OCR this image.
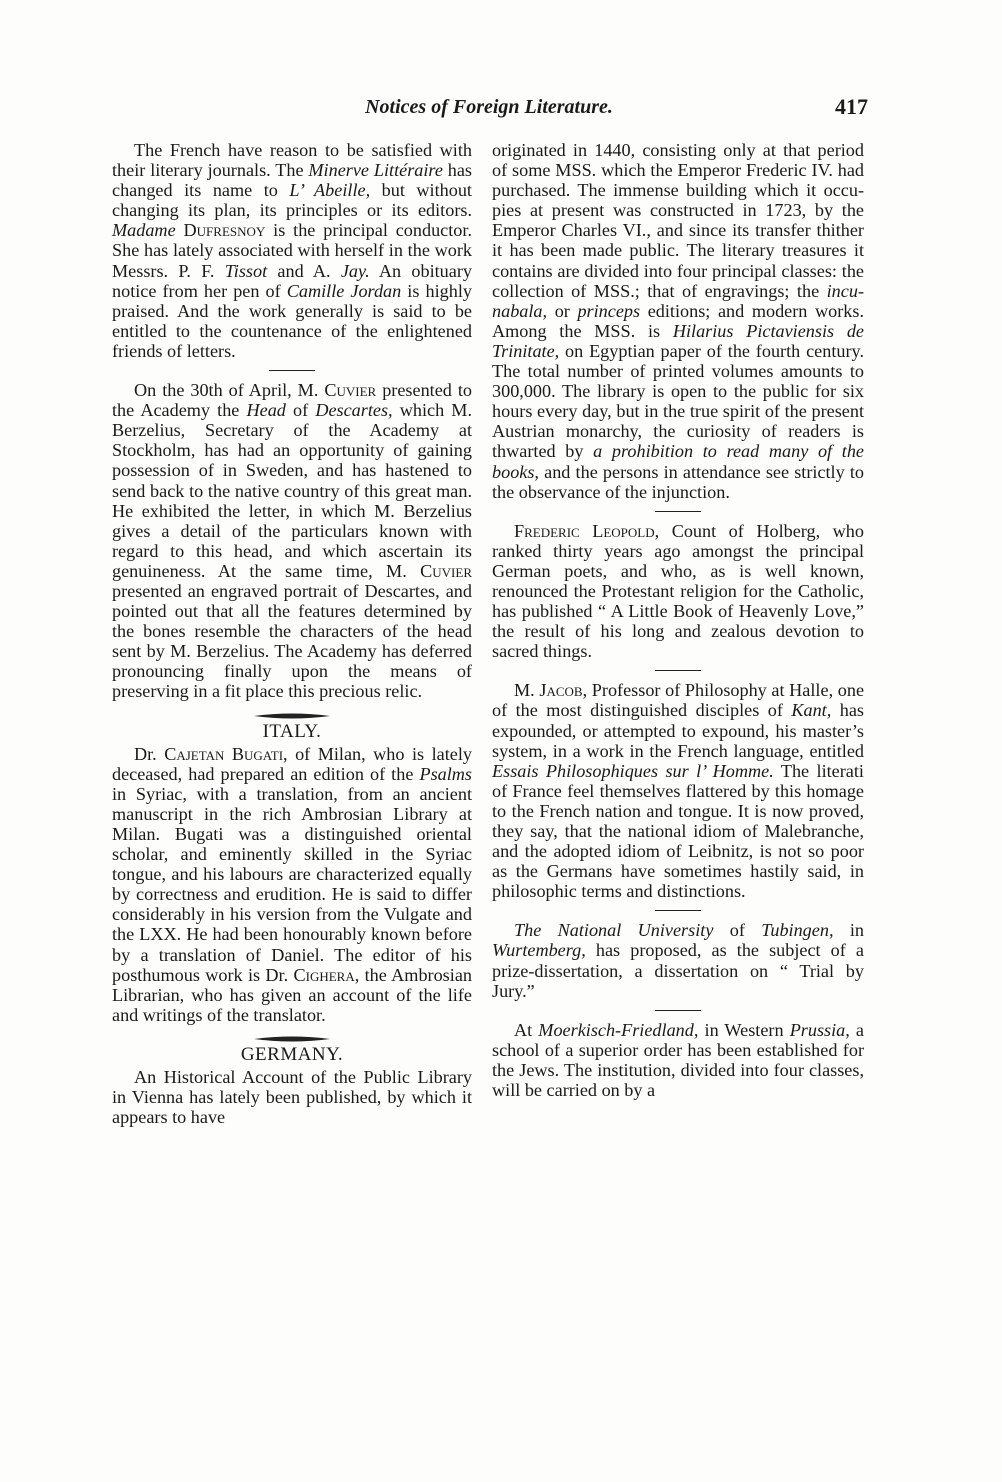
Notices of Foreign Literature.	417

The French have reason to be satisfied with their literary journals. The Minerve Littéraire has changed its name to L’ Abeille, but without changing its plan, its principles or its editors. Madame Dufresnoy is the principal conductor. She has lately associated with herself in the work Messrs. P. F. Tissot and A. Jay. An obituary notice from her pen of Camille Jordan is highly praised. And the work generally is said to be entitled to the countenance of the enlightened friends of letters.

On the 30th of April, M. Cuvier presented to the Academy the Head of Descartes, which M. Berzelius, Secretary of the Academy at Stockholm, has had an opportunity of gaining possession of in Sweden, and has hastened to send back to the native country of this great man. He exhibited the letter, in which M. Berzelius gives a detail of the particulars known with regard to this head, and which ascertain its genuineness. At the same time, M. Cuvier presented an engraved portrait of Descartes, and pointed out that all the features determined by the bones resemble the characters of the head sent by M. Berzelius. The Academy has deferred pronouncing finally upon the means of preserving in a fit place this precious relic.

ITALY.

Dr. Cajetan Bugati, of Milan, who is lately deceased, had prepared an edition of the Psalms in Syriac, with a translation, from an ancient manuscript in the rich Ambrosian Library at Milan. Bugati was a distinguished oriental scholar, and eminently skilled in the Syriac tongue, and his labours are characterized equally by correctness and erudition. He is said to differ considerably in his version from the Vulgate and the LXX. He had been honourably known before by a translation of Daniel. The editor of his posthumous work is Dr. Cighera, the Ambrosian Librarian, who has given an account of the life and writings of the translator.

GERMANY.

An Historical Account of the Public Library in Vienna has lately been published, by which it appears to have

originated in 1440, consisting only at that period of some MSS. which the Emperor Frederic IV. had purchased. The immense building which it occupies at present was constructed in 1723, by the Emperor Charles VI., and since its transfer thither it has been made public. The literary treasures it contains are divided into four principal classes: the collection of MSS.; that of engravings; the incunabala, or princeps editions; and modern works. Among the MSS. is Hilarius Pictaviensis de Trinitate, on Egyptian paper of the fourth century. The total number of printed volumes amounts to 300,000. The library is open to the public for six hours every day, but in the true spirit of the present Austrian monarchy, the curiosity of readers is thwarted by a prohibition to read many of the books, and the persons in attendance see strictly to the observance of the injunction.

Frederic Leopold, Count of Holberg, who ranked thirty years ago amongst the principal German poets, and who, as is well known, renounced the Protestant religion for the Catholic, has published “ A Little Book of Heavenly Love,” the result of his long and zealous devotion to sacred things.

M. Jacob, Professor of Philosophy at Halle, one of the most distinguished disciples of Kant, has expounded, or attempted to expound, his master’s system, in a work in the French language, entitled Essais Philosophiques sur l’ Homme. The literati of France feel themselves flattered by this homage to the French nation and tongue. It is now proved, they say, that the national idiom of Malebranche, and the adopted idiom of Leibnitz, is not so poor as the Germans have sometimes hastily said, in philosophic terms and distinctions.

The National University of Tubingen, in Wurtemberg, has proposed, as the subject of a prize-dissertation, a dissertation on “ Trial by Jury.”

At Moerkisch-Friedland, in Western Prussia, a school of a superior order has been established for the Jews. The institution, divided into four classes, will be carried on by a
